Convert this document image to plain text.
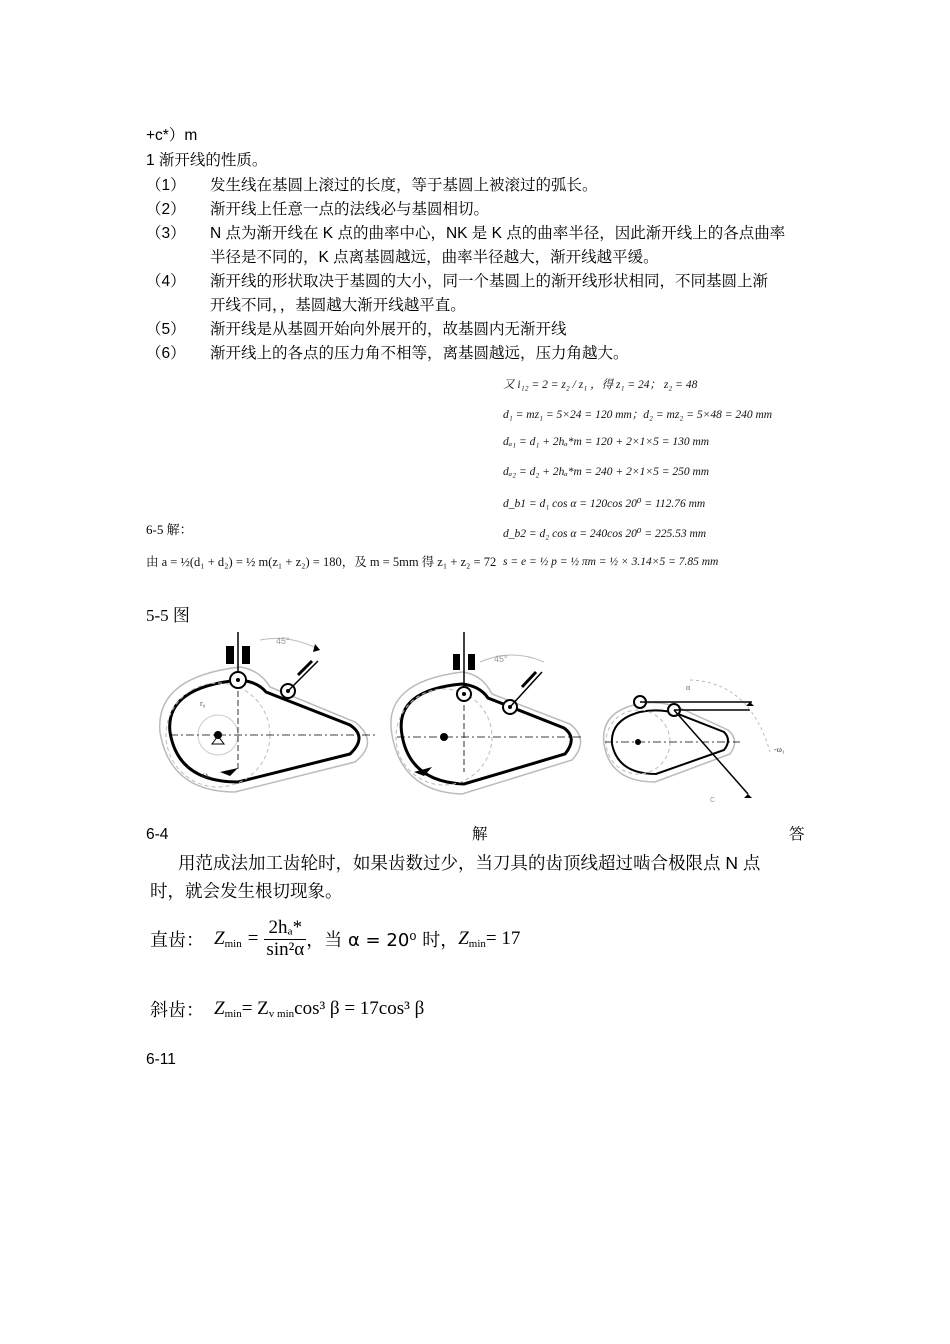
+c*）m
1 渐开线的性质。
（1） 发生线在基圆上滚过的长度，等于基圆上被滚过的弧长。
（2） 渐开线上任意一点的法线必与基圆相切。
（3） N 点为渐开线在 K 点的曲率中心，NK 是 K 点的曲率半径，因此渐开线上的各点曲率
半径是不同的，K 点离基圆越远，曲率半径越大，渐开线越平缓。
（4） 渐开线的形状取决于基圆的大小，同一个基圆上的渐开线形状相同，不同基圆上渐
开线不同，，基圆越大渐开线越平直。
（5） 渐开线是从基圆开始向外展开的，故基圆内无渐开线
（6） 渐开线上的各点的压力角不相等，离基圆越远，压力角越大。
又 i₁₂ = 2 = z₂ / z₁ ，得 z₁ = 24； z₂ = 48
d₁ = mz₁ = 5×24 = 120 mm；d₂ = mz₂ = 5×48 = 240 mm
dₐ₁ = d₁ + 2hₐ*m = 120 + 2×1×5 = 130 mm
dₐ₂ = d₂ + 2hₐ*m = 240 + 2×1×5 = 250 mm
d_b1 = d₁ cos α = 120cos 20⁰ = 112.76 mm
d_b2 = d₂ cos α = 240cos 20⁰ = 225.53 mm
s = e = ½ p = ½ πm = ½ × 3.14×5 = 7.85 mm
6-5 解：
由 a = ½(d₁ + d₂) = ½ m(z₁ + z₂) = 180，及 m = 5mm 得 z₁ + z₂ = 72
5-5 图
45°
r₀
ω₁
45°
-ω₁
α
C
6-4	解	答
用范成法加工齿轮时，如果齿数过少，当刀具的齿顶线超过啮合极限点 N 点
时，就会发生根切现象。
直齿： Z $\min = \frac{\text{2hₐ*}}{\text{sin²α}}$ ，当 α = 20⁰ 时， Z min = 17
斜齿： Z min = Z v min cos³ β = 17cos³ β
6-11
